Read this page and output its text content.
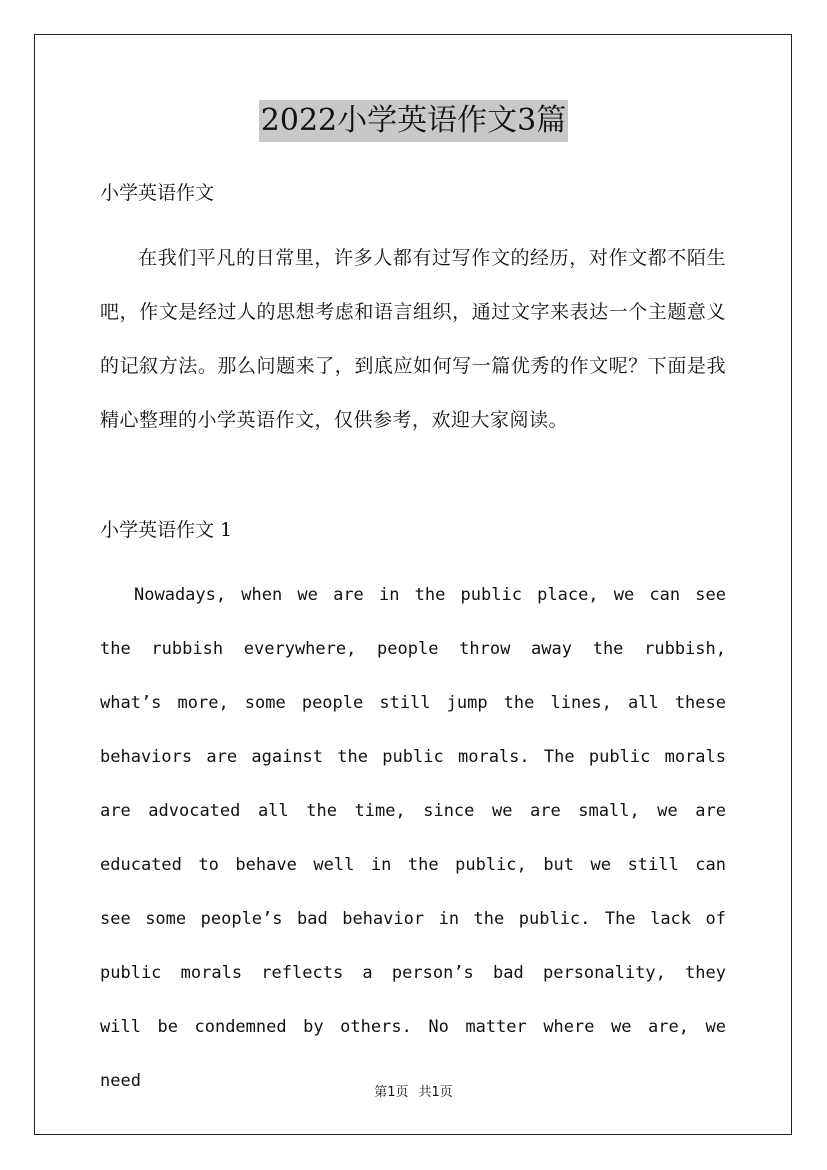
2022小学英语作文3篇

小学英语作文

在我们平凡的日常里，许多人都有过写作文的经历，对作文都不陌生吧，作文是经过人的思想考虑和语言组织，通过文字来表达一个主题意义的记叙方法。那么问题来了，到底应如何写一篇优秀的作文呢？下面是我精心整理的小学英语作文，仅供参考，欢迎大家阅读。

小学英语作文 1

Nowadays, when we are in the public place, we can see the rubbish everywhere, people throw away the rubbish, what’s more, some people still jump the lines, all these behaviors are against the public morals. The public morals are advocated all the time, since we are small, we are educated to behave well in the public, but we still can see some people’s bad behavior in the public. The lack of public morals reflects a person’s bad personality, they will be condemned by others. No matter where we are, we need

第1页 共1页
